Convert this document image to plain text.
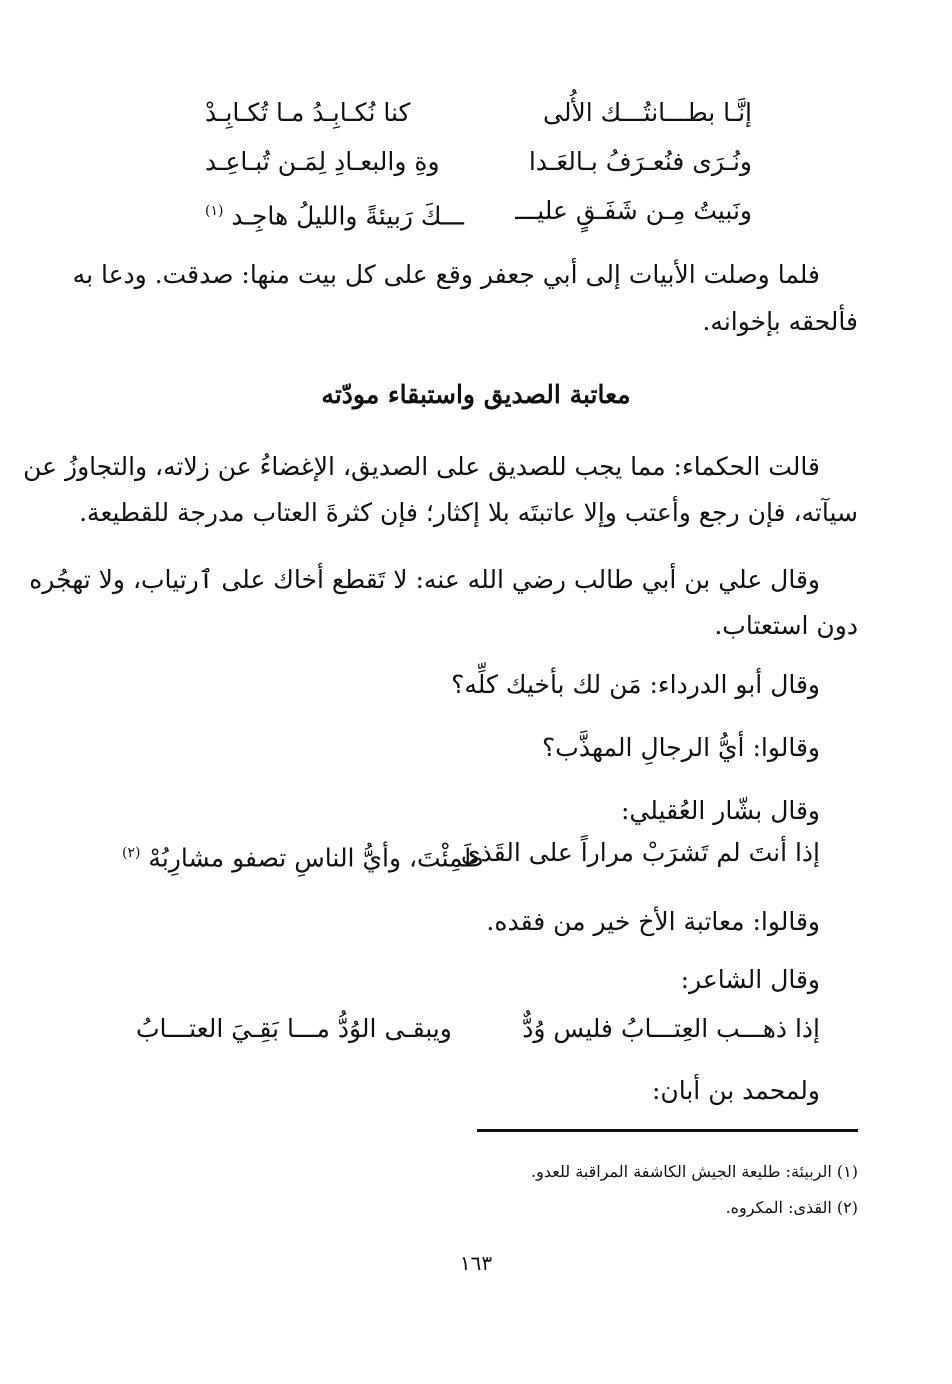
إنَّـا بطـــانتُـــك الأُلى
كنا نُكـابِـدُ مـا تُكـابِـدْ
ونُـرَى فنُعـرَفُ بـالعَـدا
وةِ والبعـادِ لِمَـن تُبـاعِـد
ونَبيتُ مِـن شَفَـقٍ عليـــ
ـــكَ رَبيئةً والليلُ هاجِـد $^{(١)}$
فلما وصلت الأبيات إلى أبي جعفر وقع على كل بيت منها: صدقت. ودعا به
فألحقه بإخوانه.
معاتبة الصديق واستبقاء مودّته
قالت الحكماء: مما يجب للصديق على الصديق، الإغضاءُ عن زلاته، والتجاوزُ عن
سيآته، فإن رجع وأعتب وإلا عاتبتَه بلا إكثار؛ فإن كثرةَ العتاب مدرجة للقطيعة.
وقال علي بن أبي طالب رضي الله عنه: لا تَقطع أخاك على ٱرتياب، ولا تهجُره
دون استعتاب.
وقال أبو الدرداء: مَن لك بأخيك كلِّه؟
وقالوا: أيُّ الرجالِ المهذَّب؟
وقال بشّار العُقيلي:
إذا أنتَ لم تَشرَبْ مراراً على القَذى
ظَمِئْتَ، وأيُّ الناسِ تصفو مشارِبُهْ $^{(٢)}$
وقالوا: معاتبة الأخ خير من فقده.
وقال الشاعر:
إذا ذهـــب العِتـــابُ فليس وُدٌّ
ويبقـى الوُدُّ مـــا بَقِـيَ العتـــابُ
ولمحمد بن أبان:
(١) الربيئة: طليعة الجيش الكاشفة المراقبة للعدو.
(٢) القذى: المكروه.
١٦٣
